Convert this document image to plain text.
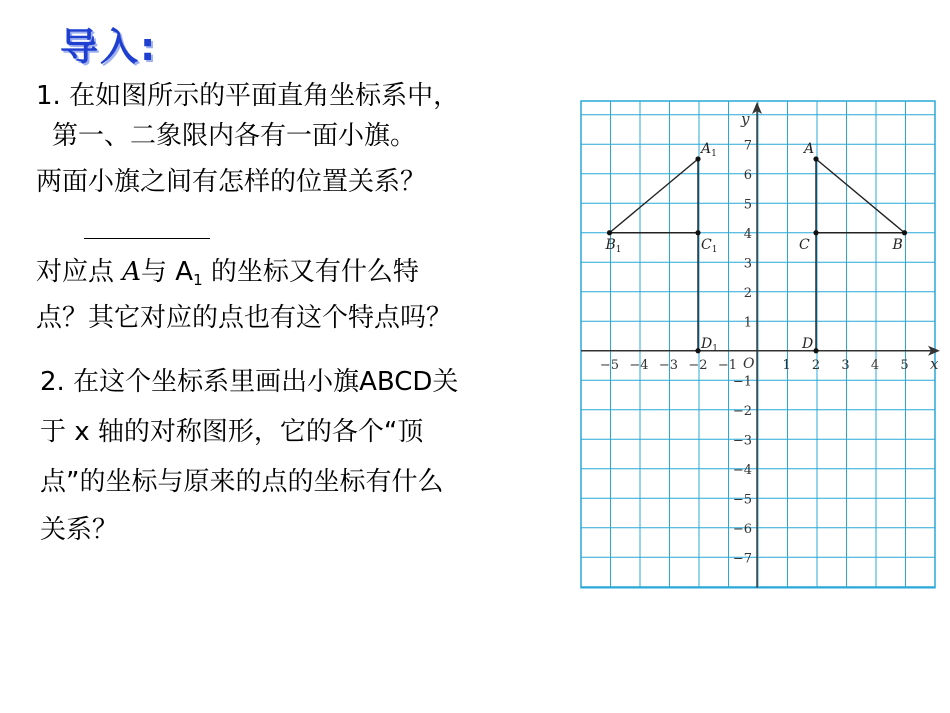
导入:
1. 在如图所示的平面直角坐标系中，
第一、二象限内各有一面小旗。
两面小旗之间有怎样的位置关系？
对应点 A与 $A_1$ 的坐标又有什么特
点？其它对应的点也有这个特点吗？
2. 在这个坐标系里画出小旗ABCD关
于 x 轴的对称图形，它的各个“顶
点”的坐标与原来的点的坐标有什么
关系？
x
y
O
−5 −4 −3 −2 −1	1 2 3 4 5
7
6
5
4
3
2
1
−1
−2
−3
−4
−5
−6
−7
A
B
C
D
$A_1$
$B_1$	$C_1$
$D_1$
